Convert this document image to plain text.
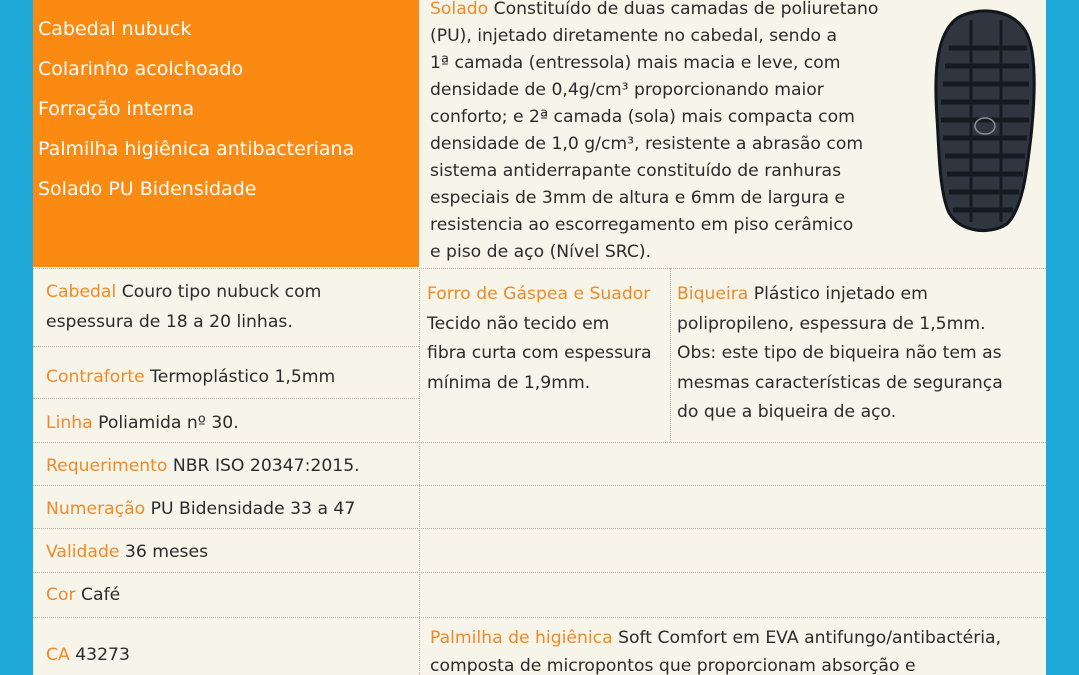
Cabedal nubuck
Colarinho acolchoado
Forração interna
Palmilha higiênica antibacteriana
Solado PU Bidensidade
Solado Constituído de duas camadas de poliuretano
(PU), injetado diretamente no cabedal, sendo a
1ª camada (entressola) mais macia e leve, com
densidade de 0,4g/cm³ proporcionando maior
conforto; e 2ª camada (sola) mais compacta com
densidade de 1,0 g/cm³, resistente a abrasão com
sistema antiderrapante constituído de ranhuras
especiais de 3mm de altura e 6mm de largura e
resistencia ao escorregamento em piso cerâmico
e piso de aço (Nível SRC).
Cabedal Couro tipo nubuck com
espessura de 18 a 20 linhas.
Contraforte Termoplástico 1,5mm
Linha Poliamida nº 30.
Requerimento NBR ISO 20347:2015.
Numeração PU Bidensidade 33 a 47
Validade 36 meses
Cor Café
CA 43273
Forro de Gáspea e Suador
Tecido não tecido em
fibra curta com espessura
mínima de 1,9mm.
Biqueira Plástico injetado em
polipropileno, espessura de 1,5mm.
Obs: este tipo de biqueira não tem as
mesmas características de segurança
do que a biqueira de aço.
Palmilha de higiênica Soft Comfort em EVA antifungo/antibactéria,
composta de micropontos que proporcionam absorção e
